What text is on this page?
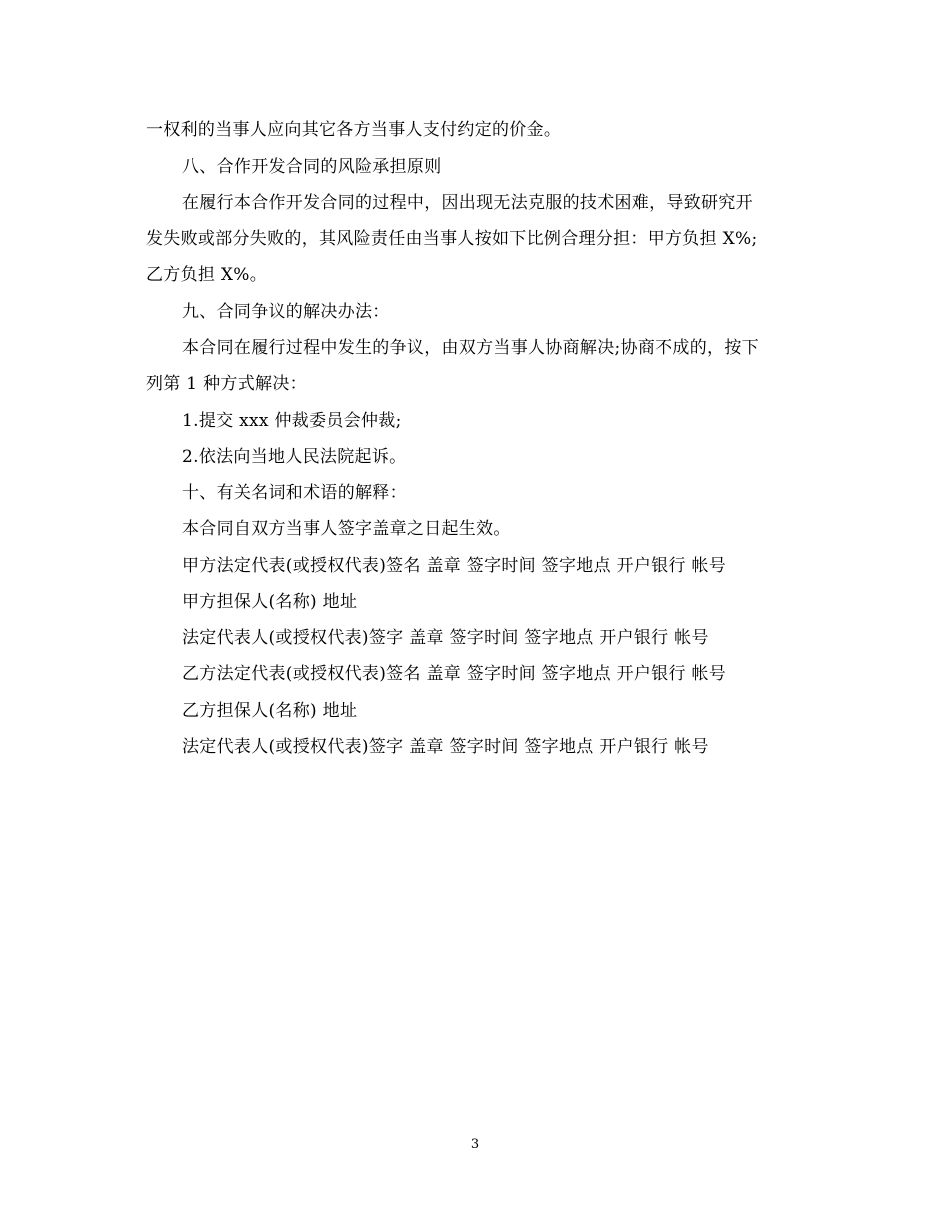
一权利的当事人应向其它各方当事人支付约定的价金。
八、合作开发合同的风险承担原则
在履行本合作开发合同的过程中，因出现无法克服的技术困难，导致研究开
发失败或部分失败的，其风险责任由当事人按如下比例合理分担：甲方负担 X%;
乙方负担 X%。
九、合同争议的解决办法：
本合同在履行过程中发生的争议，由双方当事人协商解决;协商不成的，按下
列第 1 种方式解决：
1.提交 xxx 仲裁委员会仲裁;
2.依法向当地人民法院起诉。
十、有关名词和术语的解释：
本合同自双方当事人签字盖章之日起生效。
甲方法定代表(或授权代表)签名 盖章 签字时间 签字地点 开户银行 帐号
甲方担保人(名称) 地址
法定代表人(或授权代表)签字 盖章 签字时间 签字地点 开户银行 帐号
乙方法定代表(或授权代表)签名 盖章 签字时间 签字地点 开户银行 帐号
乙方担保人(名称) 地址
法定代表人(或授权代表)签字 盖章 签字时间 签字地点 开户银行 帐号
3
